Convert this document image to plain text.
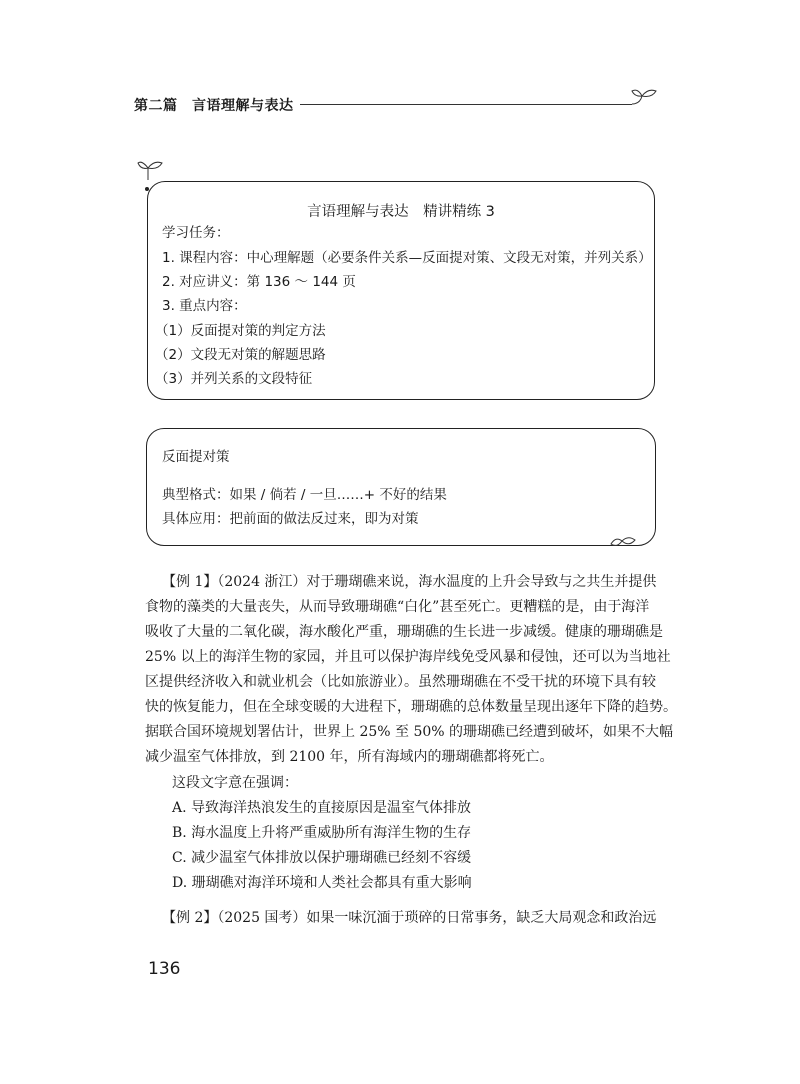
第二篇　言语理解与表达
言语理解与表达　精讲精练 3
学习任务：
1. 课程内容：中心理解题（必要条件关系—反面提对策、文段无对策，并列关系）
2. 对应讲义：第 136 ～ 144 页
3. 重点内容：
（1）反面提对策的判定方法
（2）文段无对策的解题思路
（3）并列关系的文段特征
反面提对策
典型格式：如果 / 倘若 / 一旦……+ 不好的结果
具体应用：把前面的做法反过来，即为对策
【例 1】（2024 浙江）对于珊瑚礁来说，海水温度的上升会导致与之共生并提供
食物的藻类的大量丧失，从而导致珊瑚礁“白化”甚至死亡。更糟糕的是，由于海洋
吸收了大量的二氧化碳，海水酸化严重，珊瑚礁的生长进一步减缓。健康的珊瑚礁是
25% 以上的海洋生物的家园，并且可以保护海岸线免受风暴和侵蚀，还可以为当地社
区提供经济收入和就业机会（比如旅游业）。虽然珊瑚礁在不受干扰的环境下具有较
快的恢复能力，但在全球变暖的大进程下，珊瑚礁的总体数量呈现出逐年下降的趋势。
据联合国环境规划署估计，世界上 25% 至 50% 的珊瑚礁已经遭到破坏，如果不大幅
减少温室气体排放，到 2100 年，所有海域内的珊瑚礁都将死亡。
这段文字意在强调：
A. 导致海洋热浪发生的直接原因是温室气体排放
B. 海水温度上升将严重威胁所有海洋生物的生存
C. 减少温室气体排放以保护珊瑚礁已经刻不容缓
D. 珊瑚礁对海洋环境和人类社会都具有重大影响
【例 2】（2025 国考）如果一味沉湎于琐碎的日常事务，缺乏大局观念和政治远
136
